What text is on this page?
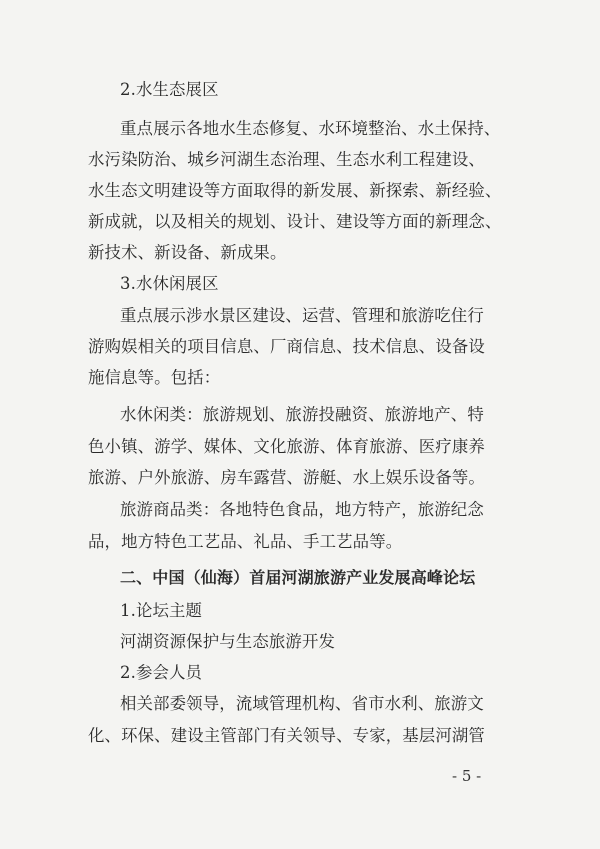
2.水生态展区
重点展示各地水生态修复、水环境整治、水土保持、
水污染防治、城乡河湖生态治理、生态水利工程建设、
水生态文明建设等方面取得的新发展、新探索、新经验、
新成就，以及相关的规划、设计、建设等方面的新理念、
新技术、新设备、新成果。
3.水休闲展区
重点展示涉水景区建设、运营、管理和旅游吃住行
游购娱相关的项目信息、厂商信息、技术信息、设备设
施信息等。包括：
水休闲类：旅游规划、旅游投融资、旅游地产、特
色小镇、游学、媒体、文化旅游、体育旅游、医疗康养
旅游、户外旅游、房车露营、游艇、水上娱乐设备等。
旅游商品类：各地特色食品，地方特产，旅游纪念
品，地方特色工艺品、礼品、手工艺品等。
二、中国（仙海）首届河湖旅游产业发展高峰论坛
1.论坛主题
河湖资源保护与生态旅游开发
2.参会人员
相关部委领导，流域管理机构、省市水利、旅游文
化、环保、建设主管部门有关领导、专家，基层河湖管
- 5 -
